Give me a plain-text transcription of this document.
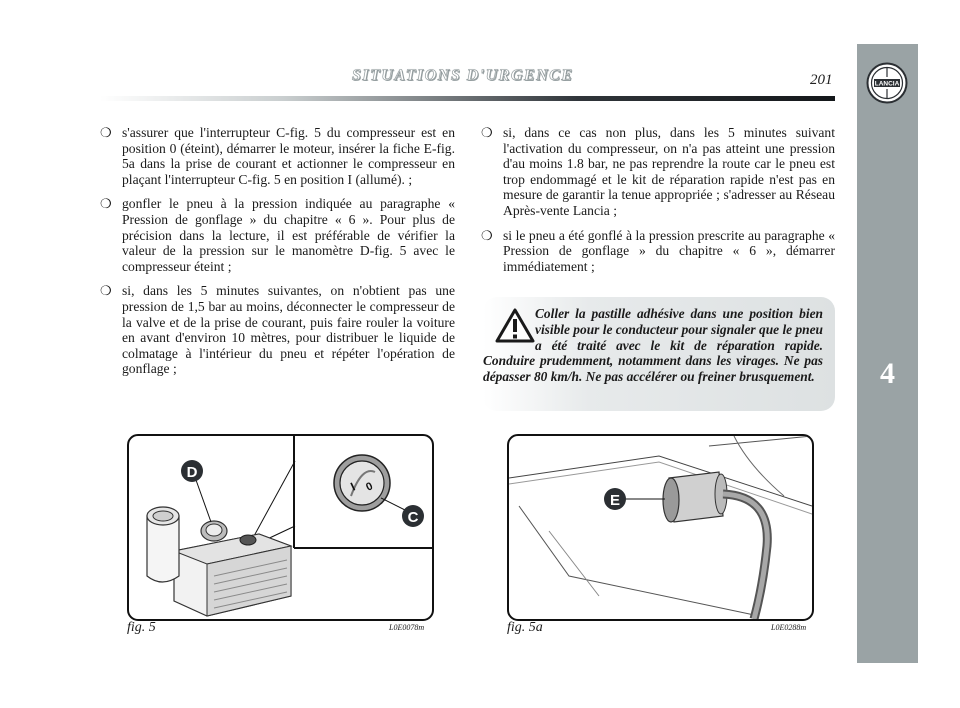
LANCIA
4
SITUATIONS D'URGENCE	201

❍ s'assurer que l'interrupteur C-fig. 5 du compresseur est en position 0 (éteint), démarrer le moteur, insérer la fiche E-fig. 5a dans la prise de courant et actionner le compresseur en plaçant l'interrupteur C-fig. 5 en position I (allumé). ;

❍ gonfler le pneu à la pression indiquée au paragraphe « Pression de gonflage » du chapitre « 6 ». Pour plus de précision dans la lecture, il est préférable de vérifier la valeur de la pression sur le manomètre D-fig. 5 avec le compresseur éteint ;

❍ si, dans les 5 minutes suivantes, on n'obtient pas une pression de 1,5 bar au moins, déconnecter le compresseur de la valve et de la prise de courant, puis faire rouler la voiture en avant d'environ 10 mètres, pour distribuer le liquide de colmatage à l'intérieur du pneu et répéter l'opération de gonflage ;

❍ si, dans ce cas non plus, dans les 5 minutes suivant l'activation du compresseur, on n'a pas atteint une pression d'au moins 1.8 bar, ne pas reprendre la route car le pneu est trop endommagé et le kit de réparation rapide n'est pas en mesure de garantir la tenue appropriée ; s'adresser au Réseau Après-vente Lancia ;

❍ si le pneu a été gonflé à la pression prescrite au paragraphe « Pression de gonflage » du chapitre « 6 », démarrer immédiatement ;

Coller la pastille adhésive dans une position bien visible pour le conducteur pour signaler que le pneu a été traité avec le kit de réparation rapide. Conduire prudemment, notamment dans les virages. Ne pas dépasser 80 km/h. Ne pas accélérer ou freiner brusquement.
D
I 0
C
fig. 5	L0E0078m
E
fig. 5a	L0E0288m
